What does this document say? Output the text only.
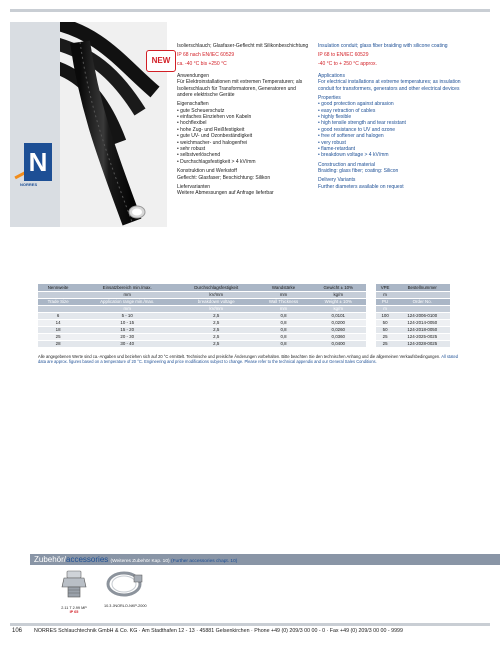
N
NORRES
NEW

Isolierschlauch; Glasfaser-Geflecht mit Silikonbeschichtung

IP 68 nach EN/IEC 60529

ca. -40 °C bis +250 °C

Anwendungen

Für Elektroinstallationen mit extremen Temperaturen; als Isolierschlauch für Transformatoren, Generatoren und andere elektrische Geräte

Eigenschaften
• gute Scheuerschutz
• einfaches Einziehen von Kabeln
• hochflexibel
• hohe Zug- und Reißfestigkeit
• gute UV- und Ozonbeständigkeit
• weichmacher- und halogenfrei
• sehr robust
• selbstverlöschend
• Durchschlagsfestigkeit > 4 kV/mm
Konstruktion und Werkstoff

Geflecht: Glasfaser; Beschichtung: Silikon

Liefervarianten

Weitere Abmessungen auf Anfrage lieferbar

Insulation conduit; glass fiber braiding with silicone coating

IP 68 to EN/IEC 60529

-40 °C to + 250 °C approx.

Applications

For electrical installations at extreme temperatures; as insulation conduit for transformers, generators and other electrical devices

Properties
• good protection against abrasion
• easy retraction of cables
• highly flexible
• high tensile strength and tear resistant
• good resistance to UV and ozone
• free of softener and halogen
• very robust
• flame-retardant
• breakdown voltage > 4 kV/mm
Construction and material

Braiding: glass fiber; coating: Silicon

Delivery Variants

Further diameters available on request

Nennweite	Einsatzbereich min./max.	Durchschlagsfestigkeit	Wandstärke	Gewicht ± 10%		VPE	Bestellnummer
	mm	kV/mm	mm	kg/m		m	
Trade Size	Application range min./max.	breakdown voltage	Wall Thickness	Weight ± 10%		PU	Order No.
	mm	kV/mm	mm	kg/m		m	
6	5 - 10	2,5	0,8	0,0101		100	124-2006-0100
14	10 - 15	2,5	0,8	0,0200		50	124-2014-0050
18	15 - 20	2,5	0,8	0,0260		50	124-2018-0050
25	20 - 30	2,5	0,8	0,0360		25	124-2025-0025
28	30 - 40	2,5	0,8	0,0400		25	124-2028-0025
Alle angegebenen Werte sind ca.-Angaben und beziehen sich auf 20 °C ermittelt. Technische und preisliche Änderungen vorbehalten. Bitte beachten Sie den technischen Anhang und die allgemeinen Verkaufsbedingungen. All stated data are approx. figures based on a temperature of 20 °C. Engineering and price modifications subject to change. Please refer to the technical appendix and our General Sales Conditions.
Zubehör/accessories (Weiteres Zubehör Kap. 10) (Further accessories chapt. 10)
2.11 T 2.99 MP
IP 65
10.3 JNORLO-NKP-2000
106 NORRES Schlauchtechnik GmbH & Co. KG · Am Stadthafen 12 - 13 · 45881 Gelsenkirchen · Phone +49 (0) 209/3 00 00 - 0 · Fax +49 (0) 209/3 00 00 - 9999
